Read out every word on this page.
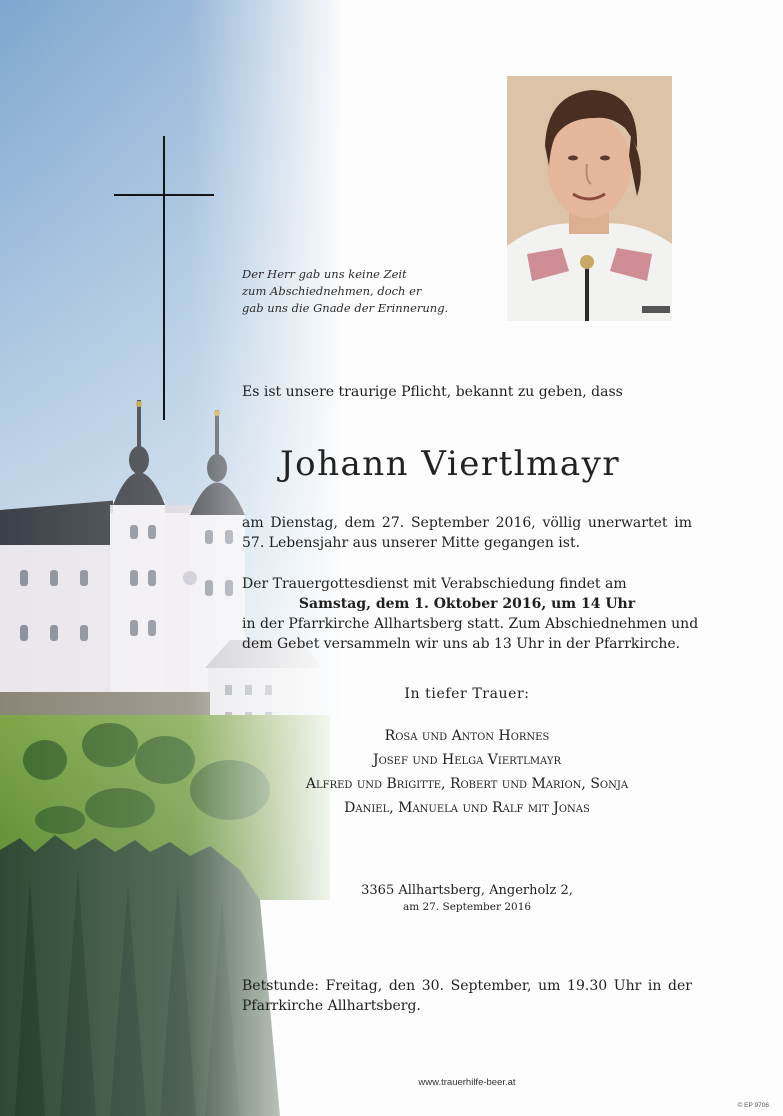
Der Herr gab uns keine Zeit
zum Abschiednehmen, doch er
gab uns die Gnade der Erinnerung.
Es ist unsere traurige Pflicht, bekannt zu geben, dass
Johann Viertlmayr
am Dienstag, dem 27. September 2016, völlig unerwartet im
57. Lebensjahr aus unserer Mitte gegangen ist.
Der Trauergottesdienst mit Verabschiedung findet am
Samstag, dem 1. Oktober 2016, um 14 Uhr
in der Pfarrkirche Allhartsberg statt. Zum Abschiednehmen und
dem Gebet versammeln wir uns ab 13 Uhr in der Pfarrkirche.
In tiefer Trauer:
Rosa und Anton Hornes
Josef und Helga Viertlmayr
Alfred und Brigitte, Robert und Marion, Sonja
Daniel, Manuela und Ralf mit Jonas
3365 Allhartsberg, Angerholz 2,
am 27. September 2016
Betstunde: Freitag, den 30. September, um 19.30 Uhr in der
Pfarrkirche Allhartsberg.
www.trauerhilfe-beer.at
© EP 9706
